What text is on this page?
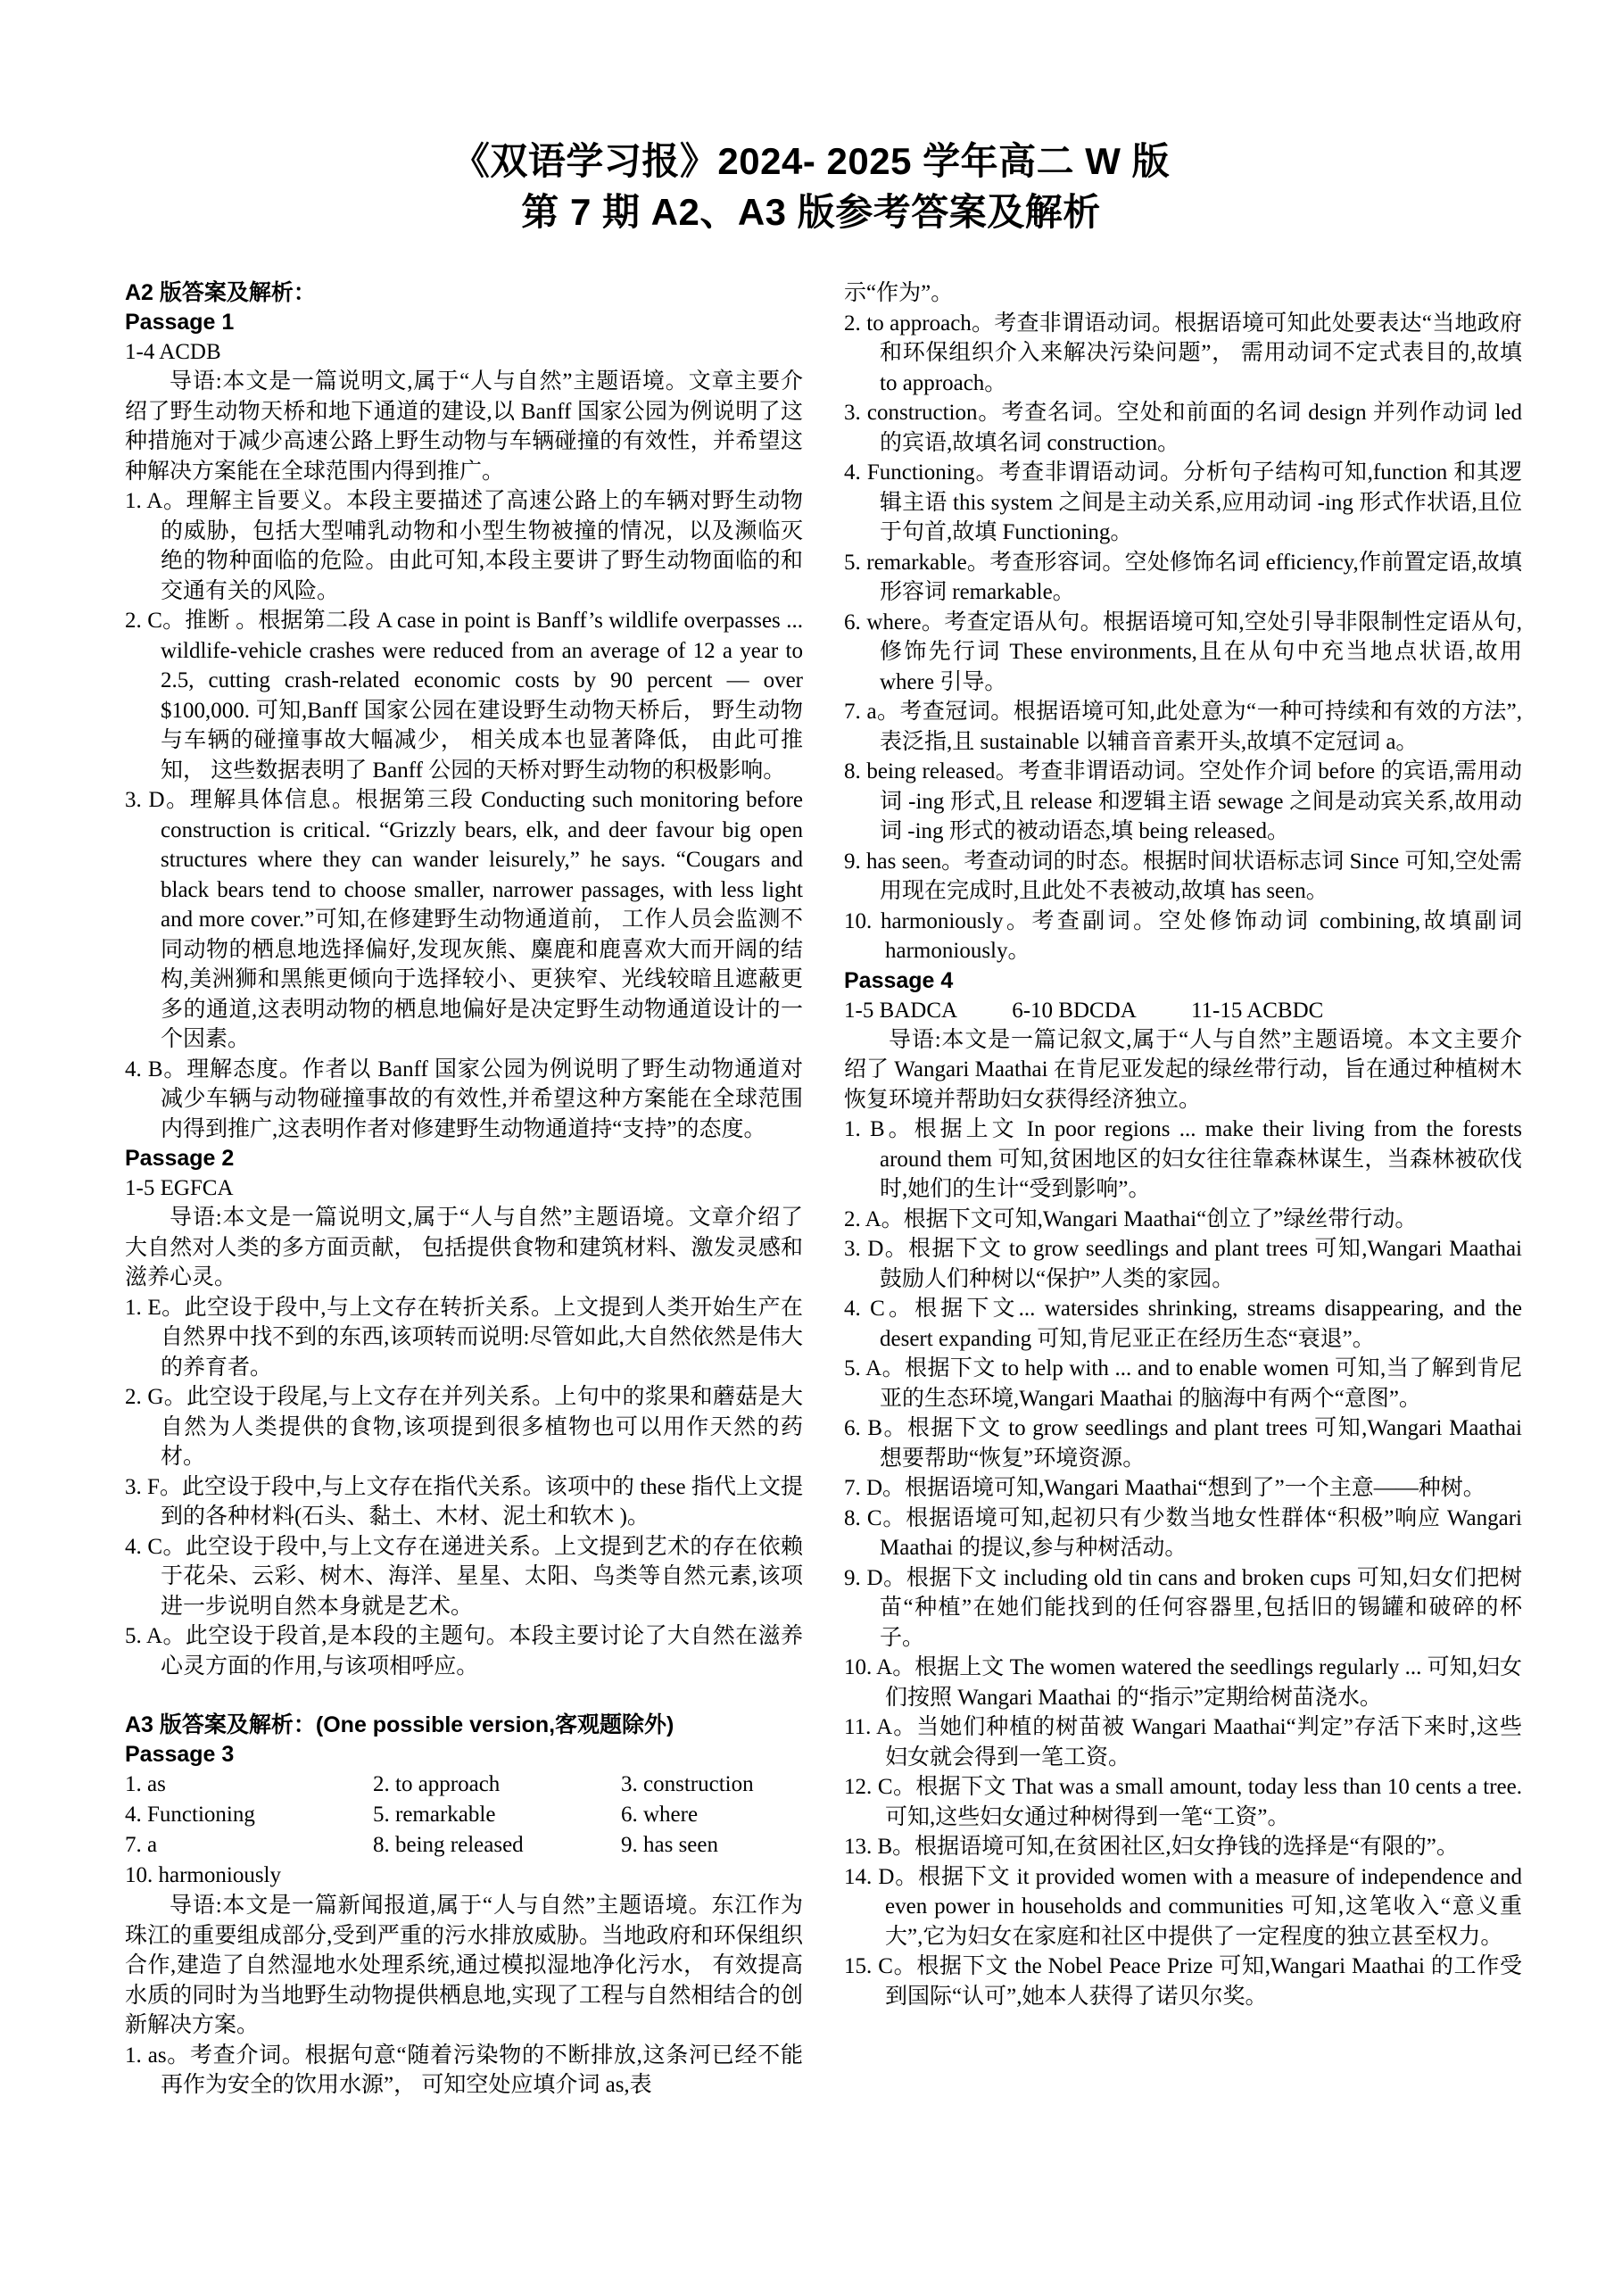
《双语学习报》2024- 2025 学年高二 W 版
第 7 期 A2、A3 版参考答案及解析
A2 版答案及解析：
Passage 1
1-4 ACDB
导语:本文是一篇说明文,属于“人与自然”主题语境。文章主要介绍了野生动物天桥和地下通道的建设,以 Banff 国家公园为例说明了这种措施对于减少高速公路上野生动物与车辆碰撞的有效性，并希望这种解决方案能在全球范围内得到推广。
1. A。理解主旨要义。本段主要描述了高速公路上的车辆对野生动物的威胁，包括大型哺乳动物和小型生物被撞的情况，以及濒临灭绝的物种面临的危险。由此可知,本段主要讲了野生动物面临的和交通有关的风险。
2. C。推断 。根据第二段 A case in point is Banff’s wildlife overpasses ... wildlife-vehicle crashes were reduced from an average of 12 a year to 2.5, cutting crash-related economic costs by 90 percent — over $100,000. 可知,Banff 国家公园在建设野生动物天桥后， 野生动物与车辆的碰撞事故大幅减少， 相关成本也显著降低， 由此可推知， 这些数据表明了 Banff 公园的天桥对野生动物的积极影响。
3. D。理解具体信息。根据第三段 Conducting such monitoring before construction is critical. “Grizzly bears, elk, and deer favour big open structures where they can wander leisurely,” he says. “Cougars and black bears tend to choose smaller, narrower passages, with less light and more cover.”可知,在修建野生动物通道前， 工作人员会监测不同动物的栖息地选择偏好,发现灰熊、麋鹿和鹿喜欢大而开阔的结构,美洲狮和黑熊更倾向于选择较小、更狭窄、光线较暗且遮蔽更多的通道,这表明动物的栖息地偏好是决定野生动物通道设计的一个因素。
4. B。理解态度。作者以 Banff 国家公园为例说明了野生动物通道对减少车辆与动物碰撞事故的有效性,并希望这种方案能在全球范围内得到推广,这表明作者对修建野生动物通道持“支持”的态度。
Passage 2
1-5 EGFCA
导语:本文是一篇说明文,属于“人与自然”主题语境。文章介绍了大自然对人类的多方面贡献， 包括提供食物和建筑材料、激发灵感和滋养心灵。
1. E。此空设于段中,与上文存在转折关系。上文提到人类开始生产在自然界中找不到的东西,该项转而说明:尽管如此,大自然依然是伟大的养育者。
2. G。此空设于段尾,与上文存在并列关系。上句中的浆果和蘑菇是大自然为人类提供的食物,该项提到很多植物也可以用作天然的药材。
3. F。此空设于段中,与上文存在指代关系。该项中的 these 指代上文提到的各种材料(石头、黏土、木材、泥土和软木 )。
4. C。此空设于段中,与上文存在递进关系。上文提到艺术的存在依赖于花朵、云彩、树木、海洋、星星、太阳、鸟类等自然元素,该项进一步说明自然本身就是艺术。
5. A。此空设于段首,是本段的主题句。本段主要讨论了大自然在滋养心灵方面的作用,与该项相呼应。
A3 版答案及解析：(One possible version,客观题除外)
Passage 3
1. as	2. to approach	3. construction
4. Functioning	5. remarkable	6. where
7. a	8. being released	9. has seen
10. harmoniously
导语:本文是一篇新闻报道,属于“人与自然”主题语境。东江作为珠江的重要组成部分,受到严重的污水排放威胁。当地政府和环保组织合作,建造了自然湿地水处理系统,通过模拟湿地净化污水， 有效提高水质的同时为当地野生动物提供栖息地,实现了工程与自然相结合的创新解决方案。
1. as。考查介词。根据句意“随着污染物的不断排放,这条河已经不能再作为安全的饮用水源”， 可知空处应填介词 as,表
示“作为”。
2. to approach。考查非谓语动词。根据语境可知此处要表达“当地政府和环保组织介入来解决污染问题”， 需用动词不定式表目的,故填 to approach。
3. construction。考查名词。空处和前面的名词 design 并列作动词 led 的宾语,故填名词 construction。
4. Functioning。考查非谓语动词。分析句子结构可知,function 和其逻辑主语 this system 之间是主动关系,应用动词 -ing 形式作状语,且位于句首,故填 Functioning。
5. remarkable。考查形容词。空处修饰名词 efficiency,作前置定语,故填形容词 remarkable。
6. where。考查定语从句。根据语境可知,空处引导非限制性定语从句,修饰先行词 These environments,且在从句中充当地点状语,故用 where 引导。
7. a。考查冠词。根据语境可知,此处意为“一种可持续和有效的方法”,表泛指,且 sustainable 以辅音音素开头,故填不定冠词 a。
8. being released。考查非谓语动词。空处作介词 before 的宾语,需用动词 -ing 形式,且 release 和逻辑主语 sewage 之间是动宾关系,故用动词 -ing 形式的被动语态,填 being released。
9. has seen。考查动词的时态。根据时间状语标志词 Since 可知,空处需用现在完成时,且此处不表被动,故填 has seen。
10. harmoniously。考查副词。空处修饰动词 combining,故填副词 harmoniously。
Passage 4
1-5 BADCA	6-10 BDCDA	11-15 ACBDC
导语:本文是一篇记叙文,属于“人与自然”主题语境。本文主要介绍了 Wangari Maathai 在肯尼亚发起的绿丝带行动，旨在通过种植树木恢复环境并帮助妇女获得经济独立。
1. B。根据上文 In poor regions ... make their living from the forests around them 可知,贫困地区的妇女往往靠森林谋生，当森林被砍伐时,她们的生计“受到影响”。
2. A。根据下文可知,Wangari Maathai“创立了”绿丝带行动。
3. D。根据下文 to grow seedlings and plant trees 可知,Wangari Maathai 鼓励人们种树以“保护”人类的家园。
4. C。根据下文... watersides shrinking, streams disappearing, and the desert expanding 可知,肯尼亚正在经历生态“衰退”。
5. A。根据下文 to help with ... and to enable women 可知,当了解到肯尼亚的生态环境,Wangari Maathai 的脑海中有两个“意图”。
6. B。根据下文 to grow seedlings and plant trees 可知,Wangari Maathai 想要帮助“恢复”环境资源。
7. D。根据语境可知,Wangari Maathai“想到了”一个主意——种树。
8. C。根据语境可知,起初只有少数当地女性群体“积极”响应 Wangari Maathai 的提议,参与种树活动。
9. D。根据下文 including old tin cans and broken cups 可知,妇女们把树苗“种植”在她们能找到的任何容器里,包括旧的锡罐和破碎的杯子。
10. A。根据上文 The women watered the seedlings regularly ... 可知,妇女们按照 Wangari Maathai 的“指示”定期给树苗浇水。
11. A。当她们种植的树苗被 Wangari Maathai“判定”存活下来时,这些妇女就会得到一笔工资。
12. C。根据下文 That was a small amount, today less than 10 cents a tree.可知,这些妇女通过种树得到一笔“工资”。
13. B。根据语境可知,在贫困社区,妇女挣钱的选择是“有限的”。
14. D。根据下文 it provided women with a measure of independence and even power in households and communities 可知,这笔收入“意义重大”,它为妇女在家庭和社区中提供了一定程度的独立甚至权力。
15. C。根据下文 the Nobel Peace Prize 可知,Wangari Maathai 的工作受到国际“认可”,她本人获得了诺贝尔奖。
